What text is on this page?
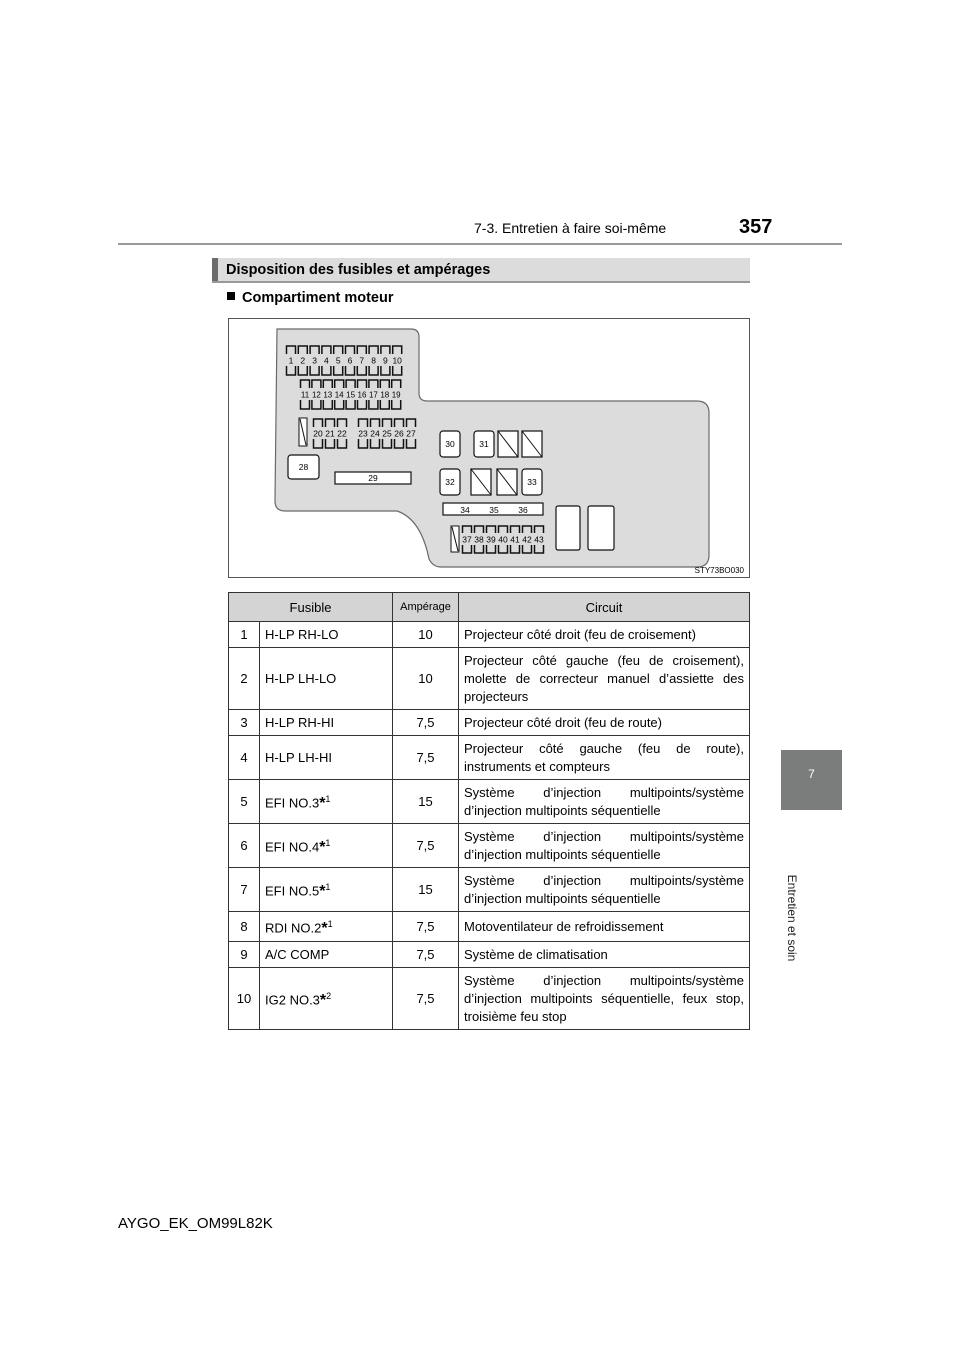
7-3. Entretien à faire soi-même	357
7
Entretien et soin
Disposition des fusibles et ampérages
Compartiment moteur
1 2 3 4 5 6 7 8 9 10
11 12 13 14 15 16 17 18 19
20 21 22 23 24 25 26 27
28
29
30	31
32	33
34 35 36
37 38 39 40 41 42 43
STY73BO030
Fusible		Ampérage	Circuit
1	H-LP RH-LO	10	Projecteur côté droit (feu de croisement)
2	H-LP LH-LO	10	Projecteur côté gauche (feu de croisement), molette de correcteur manuel d’assiette des projecteurs
3	H-LP RH-HI	7,5	Projecteur côté droit (feu de route)
4	H-LP LH-HI	7,5	Projecteur côté gauche (feu de route), instruments et compteurs
5	EFI NO.3$^{*1}$	15	Système d’injection multipoints/système d’injection multipoints séquentielle
6	EFI NO.4$^{*1}$	7,5	Système d’injection multipoints/système d’injection multipoints séquentielle
7	EFI NO.5$^{*1}$	15	Système d’injection multipoints/système d’injection multipoints séquentielle
8	RDI NO.2$^{*1}$	7,5	Motoventilateur de refroidissement
9	A/C COMP	7,5	Système de climatisation
10	IG2 NO.3$^{*2}$	7,5	Système d’injection multipoints/système d’injection multipoints séquentielle, feux stop, troisième feu stop
AYGO_EK_OM99L82K
